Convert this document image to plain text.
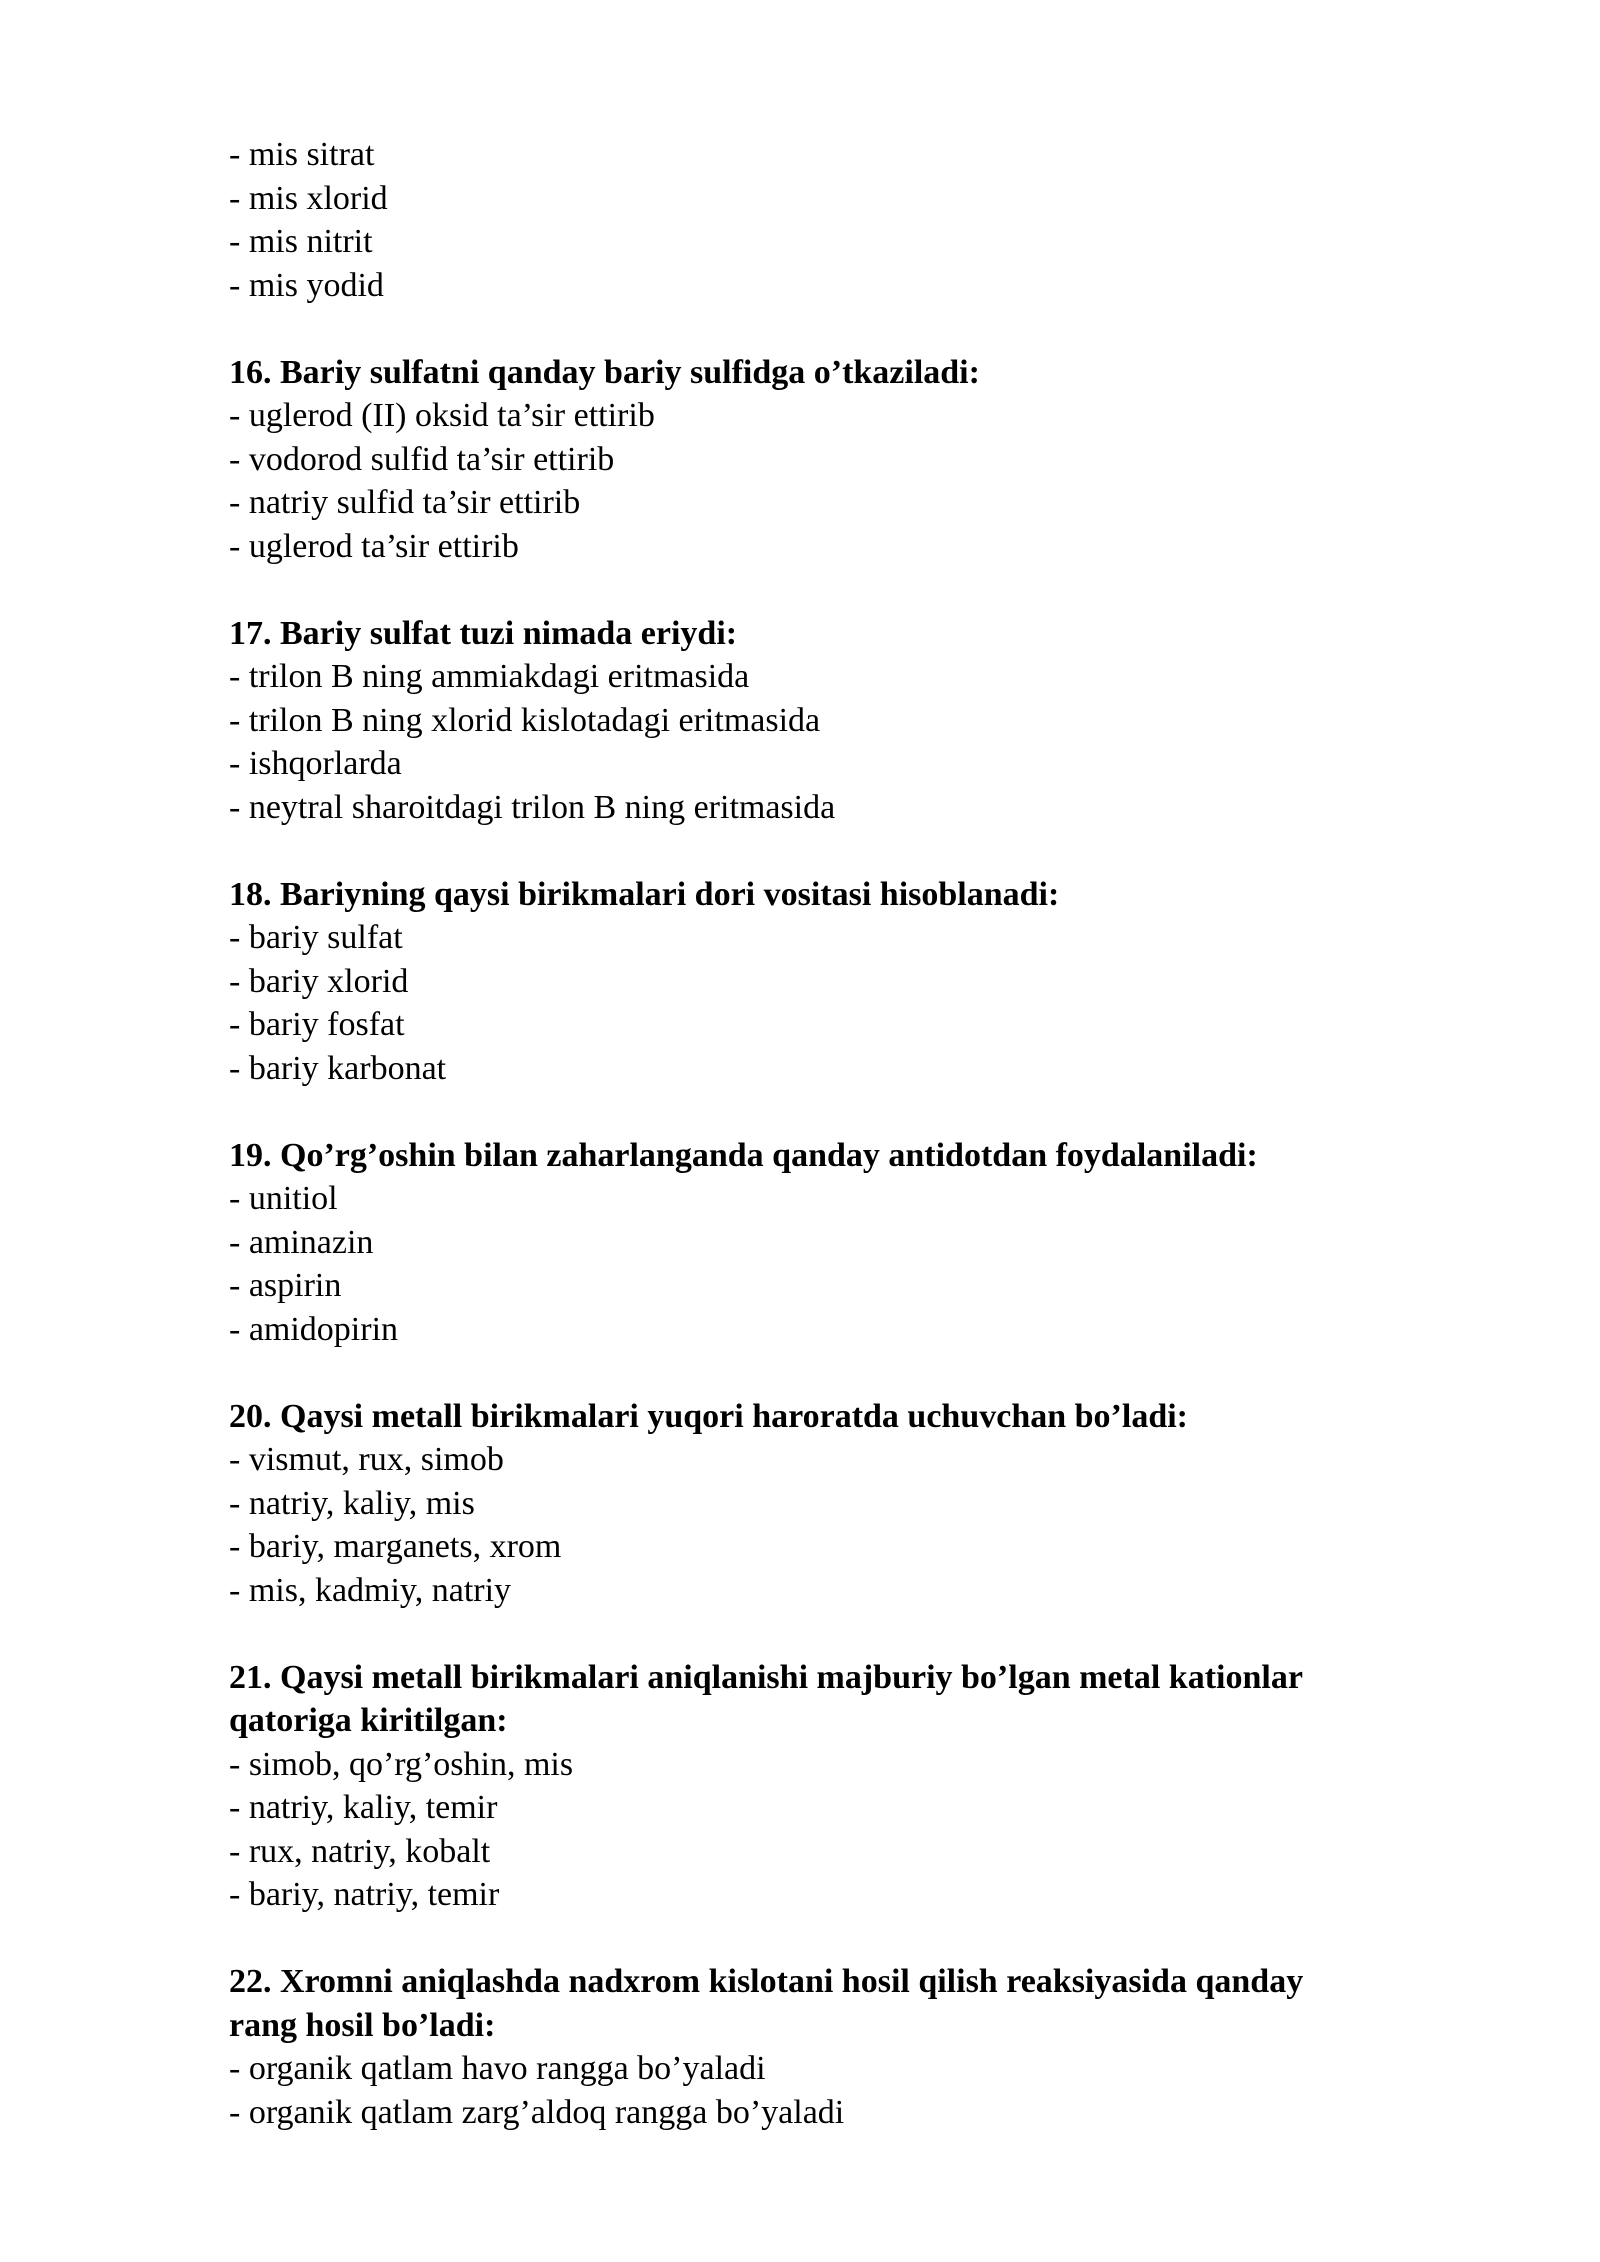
- mis sitrat
- mis xlorid
- mis nitrit
- mis yodid
16. Bariy sulfatni qanday bariy sulfidga o’tkaziladi:
- uglerod (II) oksid ta’sir ettirib
- vodorod sulfid ta’sir ettirib
- natriy sulfid ta’sir ettirib
- uglerod ta’sir ettirib
17. Bariy sulfat tuzi nimada eriydi:
- trilon B ning ammiakdagi eritmasida
- trilon B ning xlorid kislotadagi eritmasida
- ishqorlarda
- neytral sharoitdagi trilon B ning eritmasida
18. Bariyning qaysi birikmalari dori vositasi hisoblanadi:
- bariy sulfat
- bariy xlorid
- bariy fosfat
- bariy karbonat
19. Qo’rg’oshin bilan zaharlanganda qanday antidotdan foydalaniladi:
- unitiol
- aminazin
- aspirin
- amidopirin
20. Qaysi metall birikmalari yuqori haroratda uchuvchan bo’ladi:
- vismut, rux, simob
- natriy, kaliy, mis
- bariy, marganets, xrom
- mis, kadmiy, natriy
21. Qaysi metall birikmalari aniqlanishi majburiy bo’lgan metal kationlar
qatoriga kiritilgan:
- simob, qo’rg’oshin, mis
- natriy, kaliy, temir
- rux, natriy, kobalt
- bariy, natriy, temir
22. Xromni aniqlashda nadxrom kislotani hosil qilish reaksiyasida qanday
rang hosil bo’ladi:
- organik qatlam havo rangga bo’yaladi
- organik qatlam zarg’aldoq rangga bo’yaladi
